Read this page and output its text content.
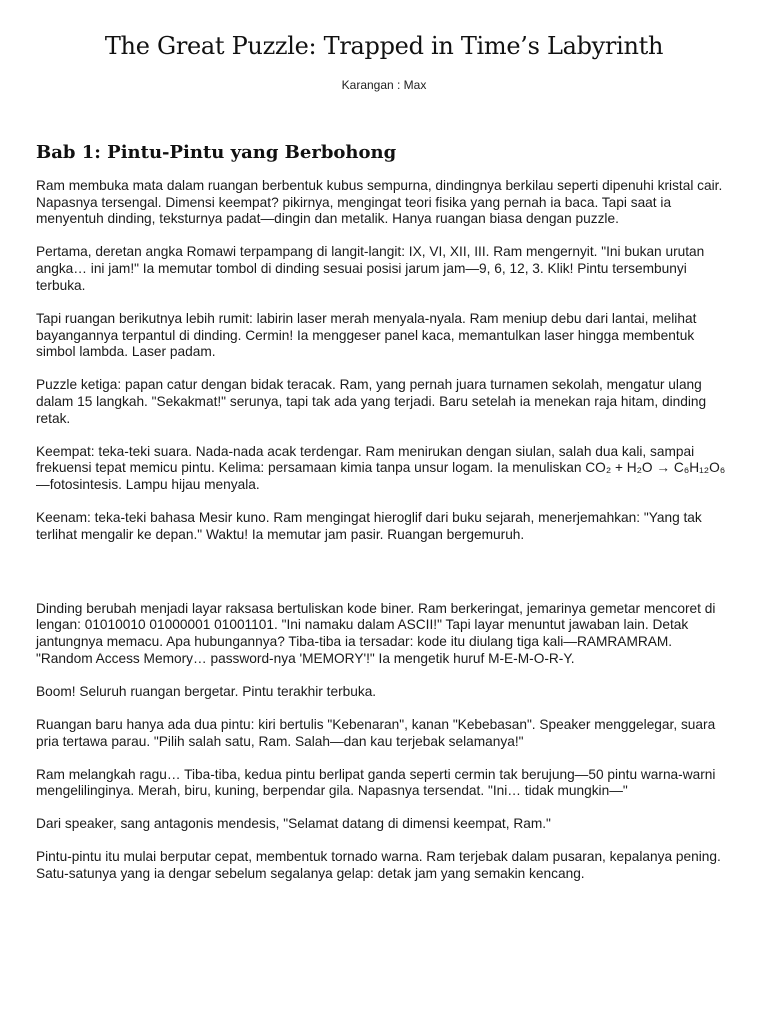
The Great Puzzle: Trapped in Time’s Labyrinth
Karangan : Max
Bab 1: Pintu-Pintu yang Berbohong

Ram membuka mata dalam ruangan berbentuk kubus sempurna, dindingnya berkilau seperti dipenuhi kristal cair. Napasnya tersengal. Dimensi keempat? pikirnya, mengingat teori fisika yang pernah ia baca. Tapi saat ia menyentuh dinding, teksturnya padat—dingin dan metalik. Hanya ruangan biasa dengan puzzle.

Pertama, deretan angka Romawi terpampang di langit-langit: IX, VI, XII, III. Ram mengernyit. "Ini bukan urutan angka… ini jam!" Ia memutar tombol di dinding sesuai posisi jarum jam—9, 6, 12, 3. Klik! Pintu tersembunyi terbuka.

Tapi ruangan berikutnya lebih rumit: labirin laser merah menyala-nyala. Ram meniup debu dari lantai, melihat bayangannya terpantul di dinding. Cermin! Ia menggeser panel kaca, memantulkan laser hingga membentuk simbol lambda. Laser padam.

Puzzle ketiga: papan catur dengan bidak teracak. Ram, yang pernah juara turnamen sekolah, mengatur ulang dalam 15 langkah. "Sekakmat!" serunya, tapi tak ada yang terjadi. Baru setelah ia menekan raja hitam, dinding retak.

Keempat: teka-teki suara. Nada-nada acak terdengar. Ram menirukan dengan siulan, salah dua kali, sampai frekuensi tepat memicu pintu. Kelima: persamaan kimia tanpa unsur logam. Ia menuliskan CO₂ + H₂O → C₆H₁₂O₆—fotosintesis. Lampu hijau menyala.

Keenam: teka-teki bahasa Mesir kuno. Ram mengingat hieroglif dari buku sejarah, menerjemahkan: "Yang tak terlihat mengalir ke depan." Waktu! Ia memutar jam pasir. Ruangan bergemuruh.

Dinding berubah menjadi layar raksasa bertuliskan kode biner. Ram berkeringat, jemarinya gemetar mencoret di lengan: 01010010 01000001 01001101. "Ini namaku dalam ASCII!" Tapi layar menuntut jawaban lain. Detak jantungnya memacu. Apa hubungannya? Tiba-tiba ia tersadar: kode itu diulang tiga kali—RAMRAMRAM. "Random Access Memory… password-nya 'MEMORY'!" Ia mengetik huruf M-E-M-O-R-Y.

Boom! Seluruh ruangan bergetar. Pintu terakhir terbuka.

Ruangan baru hanya ada dua pintu: kiri bertulis "Kebenaran", kanan "Kebebasan". Speaker menggelegar, suara pria tertawa parau. "Pilih salah satu, Ram. Salah—dan kau terjebak selamanya!"

Ram melangkah ragu… Tiba-tiba, kedua pintu berlipat ganda seperti cermin tak berujung—50 pintu warna-warni mengelilinginya. Merah, biru, kuning, berpendar gila. Napasnya tersendat. "Ini… tidak mungkin—"

Dari speaker, sang antagonis mendesis, "Selamat datang di dimensi keempat, Ram."

Pintu-pintu itu mulai berputar cepat, membentuk tornado warna. Ram terjebak dalam pusaran, kepalanya pening. Satu-satunya yang ia dengar sebelum segalanya gelap: detak jam yang semakin kencang.
